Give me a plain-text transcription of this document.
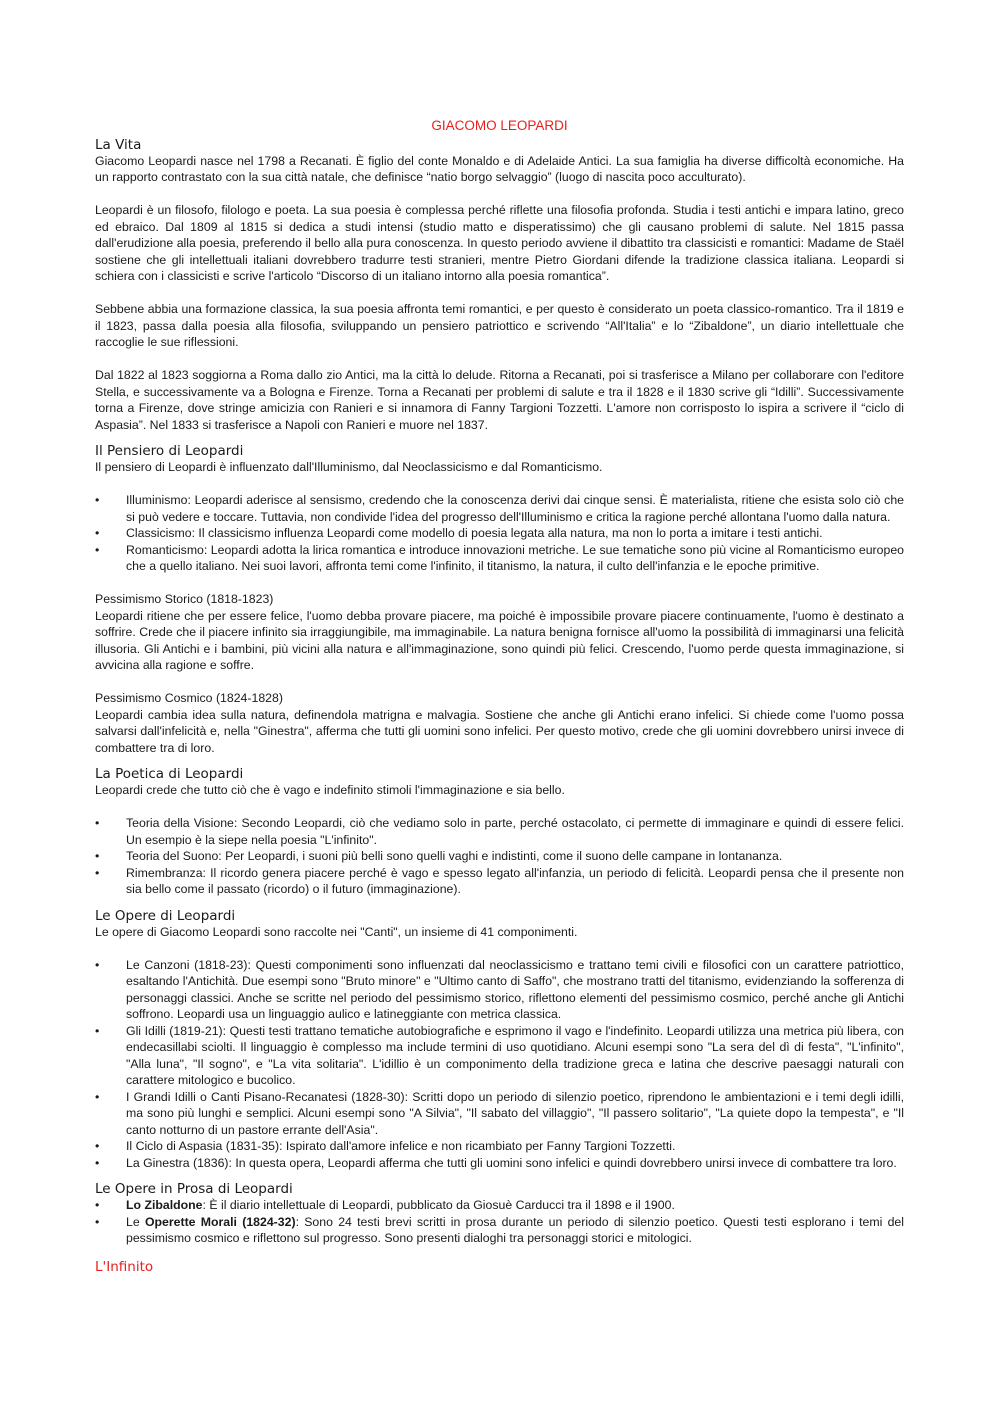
GIACOMO LEOPARDI
La Vita

Giacomo Leopardi nasce nel 1798 a Recanati. È figlio del conte Monaldo e di Adelaide Antici. La sua famiglia ha diverse difficoltà economiche. Ha un rapporto contrastato con la sua città natale, che definisce “natio borgo selvaggio” (luogo di nascita poco acculturato).

Leopardi è un filosofo, filologo e poeta. La sua poesia è complessa perché riflette una filosofia profonda. Studia i testi antichi e impara latino, greco ed ebraico. Dal 1809 al 1815 si dedica a studi intensi (studio matto e disperatissimo) che gli causano problemi di salute. Nel 1815 passa dall'erudizione alla poesia, preferendo il bello alla pura conoscenza. In questo periodo avviene il dibattito tra classicisti e romantici: Madame de Staël sostiene che gli intellettuali italiani dovrebbero tradurre testi stranieri, mentre Pietro Giordani difende la tradizione classica italiana. Leopardi si schiera con i classicisti e scrive l'articolo “Discorso di un italiano intorno alla poesia romantica”.

Sebbene abbia una formazione classica, la sua poesia affronta temi romantici, e per questo è considerato un poeta classico-romantico. Tra il 1819 e il 1823, passa dalla poesia alla filosofia, sviluppando un pensiero patriottico e scrivendo “All'Italia” e lo “Zibaldone”, un diario intellettuale che raccoglie le sue riflessioni.

Dal 1822 al 1823 soggiorna a Roma dallo zio Antici, ma la città lo delude. Ritorna a Recanati, poi si trasferisce a Milano per collaborare con l'editore Stella, e successivamente va a Bologna e Firenze. Torna a Recanati per problemi di salute e tra il 1828 e il 1830 scrive gli “Idilli”. Successivamente torna a Firenze, dove stringe amicizia con Ranieri e si innamora di Fanny Targioni Tozzetti. L'amore non corrisposto lo ispira a scrivere il “ciclo di Aspasia”. Nel 1833 si trasferisce a Napoli con Ranieri e muore nel 1837.

Il Pensiero di Leopardi

Il pensiero di Leopardi è influenzato dall'Illuminismo, dal Neoclassicismo e dal Romanticismo.

• Illuminismo: Leopardi aderisce al sensismo, credendo che la conoscenza derivi dai cinque sensi. È materialista, ritiene che esista solo ciò che si può vedere e toccare. Tuttavia, non condivide l'idea del progresso dell'Illuminismo e critica la ragione perché allontana l'uomo dalla natura.
• Classicismo: Il classicismo influenza Leopardi come modello di poesia legata alla natura, ma non lo porta a imitare i testi antichi.
• Romanticismo: Leopardi adotta la lirica romantica e introduce innovazioni metriche. Le sue tematiche sono più vicine al Romanticismo europeo che a quello italiano. Nei suoi lavori, affronta temi come l'infinito, il titanismo, la natura, il culto dell'infanzia e le epoche primitive.

Pessimismo Storico (1818-1823)

Leopardi ritiene che per essere felice, l'uomo debba provare piacere, ma poiché è impossibile provare piacere continuamente, l'uomo è destinato a soffrire. Crede che il piacere infinito sia irraggiungibile, ma immaginabile. La natura benigna fornisce all'uomo la possibilità di immaginarsi una felicità illusoria. Gli Antichi e i bambini, più vicini alla natura e all'immaginazione, sono quindi più felici. Crescendo, l'uomo perde questa immaginazione, si avvicina alla ragione e soffre.

Pessimismo Cosmico (1824-1828)

Leopardi cambia idea sulla natura, definendola matrigna e malvagia. Sostiene che anche gli Antichi erano infelici. Si chiede come l'uomo possa salvarsi dall'infelicità e, nella "Ginestra", afferma che tutti gli uomini sono infelici. Per questo motivo, crede che gli uomini dovrebbero unirsi invece di combattere tra di loro.

La Poetica di Leopardi

Leopardi crede che tutto ciò che è vago e indefinito stimoli l'immaginazione e sia bello.

• Teoria della Visione: Secondo Leopardi, ciò che vediamo solo in parte, perché ostacolato, ci permette di immaginare e quindi di essere felici. Un esempio è la siepe nella poesia "L'infinito".
• Teoria del Suono: Per Leopardi, i suoni più belli sono quelli vaghi e indistinti, come il suono delle campane in lontananza.
• Rimembranza: Il ricordo genera piacere perché è vago e spesso legato all'infanzia, un periodo di felicità. Leopardi pensa che il presente non sia bello come il passato (ricordo) o il futuro (immaginazione).
Le Opere di Leopardi

Le opere di Giacomo Leopardi sono raccolte nei "Canti", un insieme di 41 componimenti.

• Le Canzoni (1818-23): Questi componimenti sono influenzati dal neoclassicismo e trattano temi civili e filosofici con un carattere patriottico, esaltando l'Antichità. Due esempi sono "Bruto minore" e "Ultimo canto di Saffo", che mostrano tratti del titanismo, evidenziando la sofferenza di personaggi classici. Anche se scritte nel periodo del pessimismo storico, riflettono elementi del pessimismo cosmico, perché anche gli Antichi soffrono. Leopardi usa un linguaggio aulico e latineggiante con metrica classica.
• Gli Idilli (1819-21): Questi testi trattano tematiche autobiografiche e esprimono il vago e l'indefinito. Leopardi utilizza una metrica più libera, con endecasillabi sciolti. Il linguaggio è complesso ma include termini di uso quotidiano. Alcuni esempi sono "La sera del dì di festa", "L'infinito", "Alla luna", "Il sogno", e "La vita solitaria". L'idillio è un componimento della tradizione greca e latina che descrive paesaggi naturali con carattere mitologico e bucolico.
• I Grandi Idilli o Canti Pisano-Recanatesi (1828-30): Scritti dopo un periodo di silenzio poetico, riprendono le ambientazioni e i temi degli idilli, ma sono più lunghi e semplici. Alcuni esempi sono "A Silvia", "Il sabato del villaggio", "Il passero solitario", "La quiete dopo la tempesta", e "Il canto notturno di un pastore errante dell'Asia".
• Il Ciclo di Aspasia (1831-35): Ispirato dall'amore infelice e non ricambiato per Fanny Targioni Tozzetti.
• La Ginestra (1836): In questa opera, Leopardi afferma che tutti gli uomini sono infelici e quindi dovrebbero unirsi invece di combattere tra loro.
Le Opere in Prosa di Leopardi
• Lo Zibaldone: È il diario intellettuale di Leopardi, pubblicato da Giosuè Carducci tra il 1898 e il 1900.
• Le Operette Morali (1824-32): Sono 24 testi brevi scritti in prosa durante un periodo di silenzio poetico. Questi testi esplorano i temi del pessimismo cosmico e riflettono sul progresso. Sono presenti dialoghi tra personaggi storici e mitologici.
L'Infinito
